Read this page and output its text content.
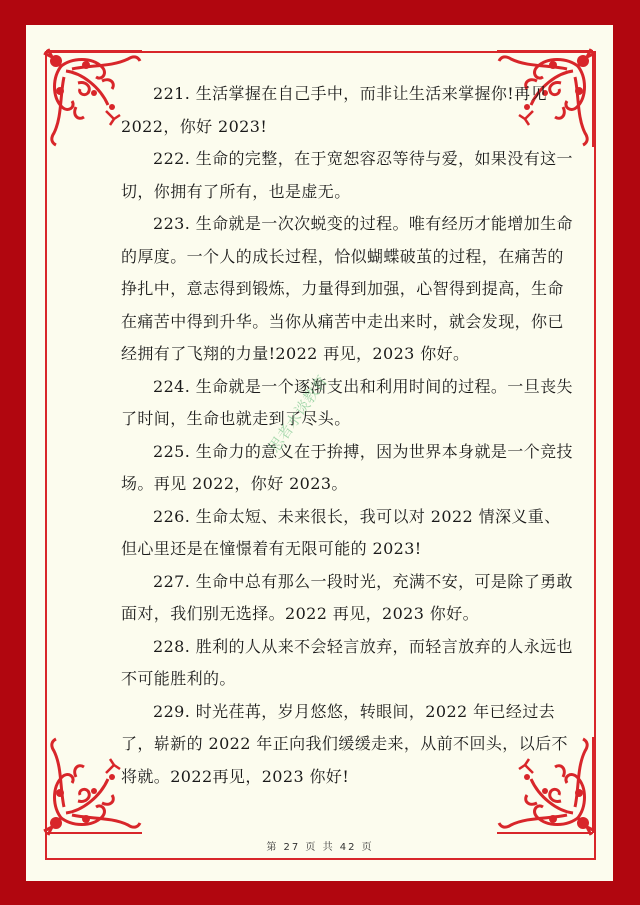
221. 生活掌握在自己手中，而非让生活来掌握你!再见2022，你好 2023!

222. 生命的完整，在于宽恕容忍等待与爱，如果没有这一切，你拥有了所有，也是虚无。

223. 生命就是一次次蜕变的过程。唯有经历才能增加生命的厚度。一个人的成长过程，恰似蝴蝶破茧的过程，在痛苦的挣扎中，意志得到锻炼，力量得到加强，心智得到提高，生命在痛苦中得到升华。当你从痛苦中走出来时，就会发现，你已经拥有了飞翔的力量!2022 再见，2023 你好。

224. 生命就是一个逐渐支出和利用时间的过程。一旦丧失了时间，生命也就走到了尽头。

225. 生命力的意义在于拚搏，因为世界本身就是一个竞技场。再见 2022，你好 2023。

226. 生命太短、未来很长，我可以对 2022 情深义重、但心里还是在憧憬着有无限可能的 2023!

227. 生命中总有那么一段时光，充满不安，可是除了勇敢面对，我们别无选择。2022 再见，2023 你好。

228. 胜利的人从来不会轻言放弃，而轻言放弃的人永远也不可能胜利的。

229. 时光荏苒，岁月悠悠，转眼间，2022 年已经过去了，崭新的 2022 年正向我们缓缓走来，从前不回头，以后不将就。2022再见，2023 你好!

思者水谈教育
第 27 页 共 42 页
